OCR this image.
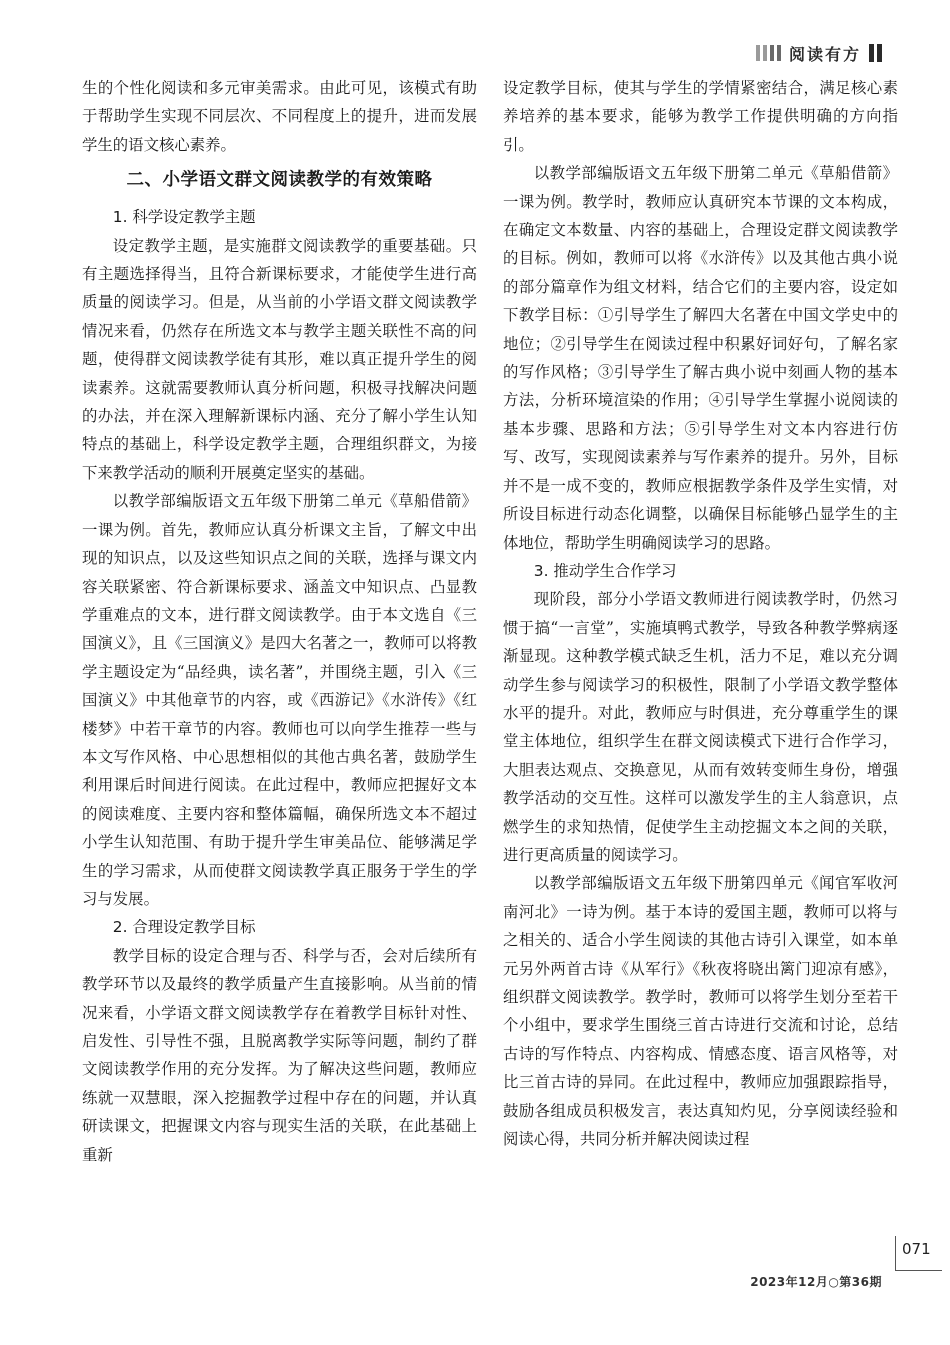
阅读有方

生的个性化阅读和多元审美需求。由此可见，该模式有助于帮助学生实现不同层次、不同程度上的提升，进而发展学生的语文核心素养。

二、小学语文群文阅读教学的有效策略
1. 科学设定教学主题

设定教学主题，是实施群文阅读教学的重要基础。只有主题选择得当，且符合新课标要求，才能使学生进行高质量的阅读学习。但是，从当前的小学语文群文阅读教学情况来看，仍然存在所选文本与教学主题关联性不高的问题，使得群文阅读教学徒有其形，难以真正提升学生的阅读素养。这就需要教师认真分析问题，积极寻找解决问题的办法，并在深入理解新课标内涵、充分了解小学生认知特点的基础上，科学设定教学主题，合理组织群文，为接下来教学活动的顺利开展奠定坚实的基础。

以教学部编版语文五年级下册第二单元《草船借箭》一课为例。首先，教师应认真分析课文主旨，了解文中出现的知识点，以及这些知识点之间的关联，选择与课文内容关联紧密、符合新课标要求、涵盖文中知识点、凸显教学重难点的文本，进行群文阅读教学。由于本文选自《三国演义》，且《三国演义》是四大名著之一，教师可以将教学主题设定为“品经典，读名著”，并围绕主题，引入《三国演义》中其他章节的内容，或《西游记》《水浒传》《红楼梦》中若干章节的内容。教师也可以向学生推荐一些与本文写作风格、中心思想相似的其他古典名著，鼓励学生利用课后时间进行阅读。在此过程中，教师应把握好文本的阅读难度、主要内容和整体篇幅，确保所选文本不超过小学生认知范围、有助于提升学生审美品位、能够满足学生的学习需求，从而使群文阅读教学真正服务于学生的学习与发展。

2. 合理设定教学目标

教学目标的设定合理与否、科学与否，会对后续所有教学环节以及最终的教学质量产生直接影响。从当前的情况来看，小学语文群文阅读教学存在着教学目标针对性、启发性、引导性不强，且脱离教学实际等问题，制约了群文阅读教学作用的充分发挥。为了解决这些问题，教师应练就一双慧眼，深入挖掘教学过程中存在的问题，并认真研读课文，把握课文内容与现实生活的关联，在此基础上重新

设定教学目标，使其与学生的学情紧密结合，满足核心素养培养的基本要求，能够为教学工作提供明确的方向指引。

以教学部编版语文五年级下册第二单元《草船借箭》一课为例。教学时，教师应认真研究本节课的文本构成，在确定文本数量、内容的基础上，合理设定群文阅读教学的目标。例如，教师可以将《水浒传》以及其他古典小说的部分篇章作为组文材料，结合它们的主要内容，设定如下教学目标：①引导学生了解四大名著在中国文学史中的地位；②引导学生在阅读过程中积累好词好句，了解名家的写作风格；③引导学生了解古典小说中刻画人物的基本方法，分析环境渲染的作用；④引导学生掌握小说阅读的基本步骤、思路和方法；⑤引导学生对文本内容进行仿写、改写，实现阅读素养与写作素养的提升。另外，目标并不是一成不变的，教师应根据教学条件及学生实情，对所设目标进行动态化调整，以确保目标能够凸显学生的主体地位，帮助学生明确阅读学习的思路。

3. 推动学生合作学习

现阶段，部分小学语文教师进行阅读教学时，仍然习惯于搞“一言堂”，实施填鸭式教学，导致各种教学弊病逐渐显现。这种教学模式缺乏生机，活力不足，难以充分调动学生参与阅读学习的积极性，限制了小学语文教学整体水平的提升。对此，教师应与时俱进，充分尊重学生的课堂主体地位，组织学生在群文阅读模式下进行合作学习，大胆表达观点、交换意见，从而有效转变师生身份，增强教学活动的交互性。这样可以激发学生的主人翁意识，点燃学生的求知热情，促使学生主动挖掘文本之间的关联，进行更高质量的阅读学习。

以教学部编版语文五年级下册第四单元《闻官军收河南河北》一诗为例。基于本诗的爱国主题，教师可以将与之相关的、适合小学生阅读的其他古诗引入课堂，如本单元另外两首古诗《从军行》《秋夜将晓出篱门迎凉有感》，组织群文阅读教学。教学时，教师可以将学生划分至若干个小组中，要求学生围绕三首古诗进行交流和讨论，总结古诗的写作特点、内容构成、情感态度、语言风格等，对比三首古诗的异同。在此过程中，教师应加强跟踪指导，鼓励各组成员积极发言，表达真知灼见，分享阅读经验和阅读心得，共同分析并解决阅读过程

071
2023年12月○第36期
